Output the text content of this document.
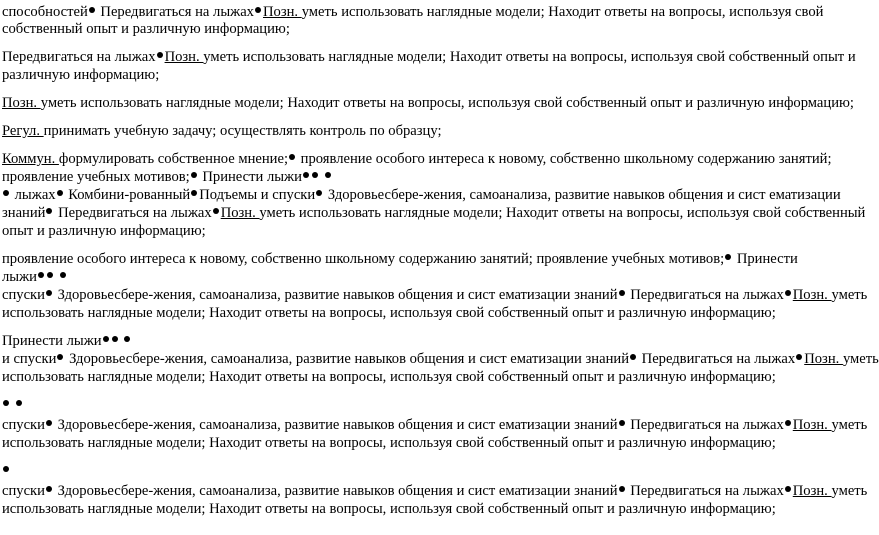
способностей Передвигаться на лыжах Позн. уметь использовать наглядные модели; Находит ответы на вопросы, используя свой
собственный опыт и различную информацию;
Передвигаться на лыжах Позн. уметь использовать наглядные модели; Находит ответы на вопросы, используя свой собственный опыт и
различную информацию;
Позн. уметь использовать наглядные модели; Находит ответы на вопросы, используя свой собственный опыт и различную информацию;
Регул. принимать учебную задачу; осуществлять контроль по образцу;
Коммун. формулировать собственное мнение; проявление особого интереса к новому, собственно школьному содержанию занятий;
проявление учебных мотивов; Принести лыжи
лыжах Комбини-рованный Подъемы и спуски Здоровьесбере-жения, самоанализа, развитие навыков общения и сист ематизации
знаний Передвигаться на лыжах Позн. уметь использовать наглядные модели; Находит ответы на вопросы, используя свой собственный
опыт и различную информацию;
проявление особого интереса к новому, собственно школьному содержанию занятий; проявление учебных мотивов; Принести
лыжи
спуски Здоровьесбере-жения, самоанализа, развитие навыков общения и сист ематизации знаний Передвигаться на лыжах Позн. уметь
использовать наглядные модели; Находит ответы на вопросы, используя свой собственный опыт и различную информацию;
Принести лыжи
и спуски Здоровьесбере-жения, самоанализа, развитие навыков общения и сист ематизации знаний Передвигаться на лыжах Позн. уметь
использовать наглядные модели; Находит ответы на вопросы, используя свой собственный опыт и различную информацию;

спуски Здоровьесбере-жения, самоанализа, развитие навыков общения и сист ематизации знаний Передвигаться на лыжах Позн. уметь
использовать наглядные модели; Находит ответы на вопросы, используя свой собственный опыт и различную информацию;
спуски Здоровьесбере-жения, самоанализа, развитие навыков общения и сист ематизации знаний Передвигаться на лыжах Позн. уметь
использовать наглядные модели; Находит ответы на вопросы, используя свой собственный опыт и различную информацию;
